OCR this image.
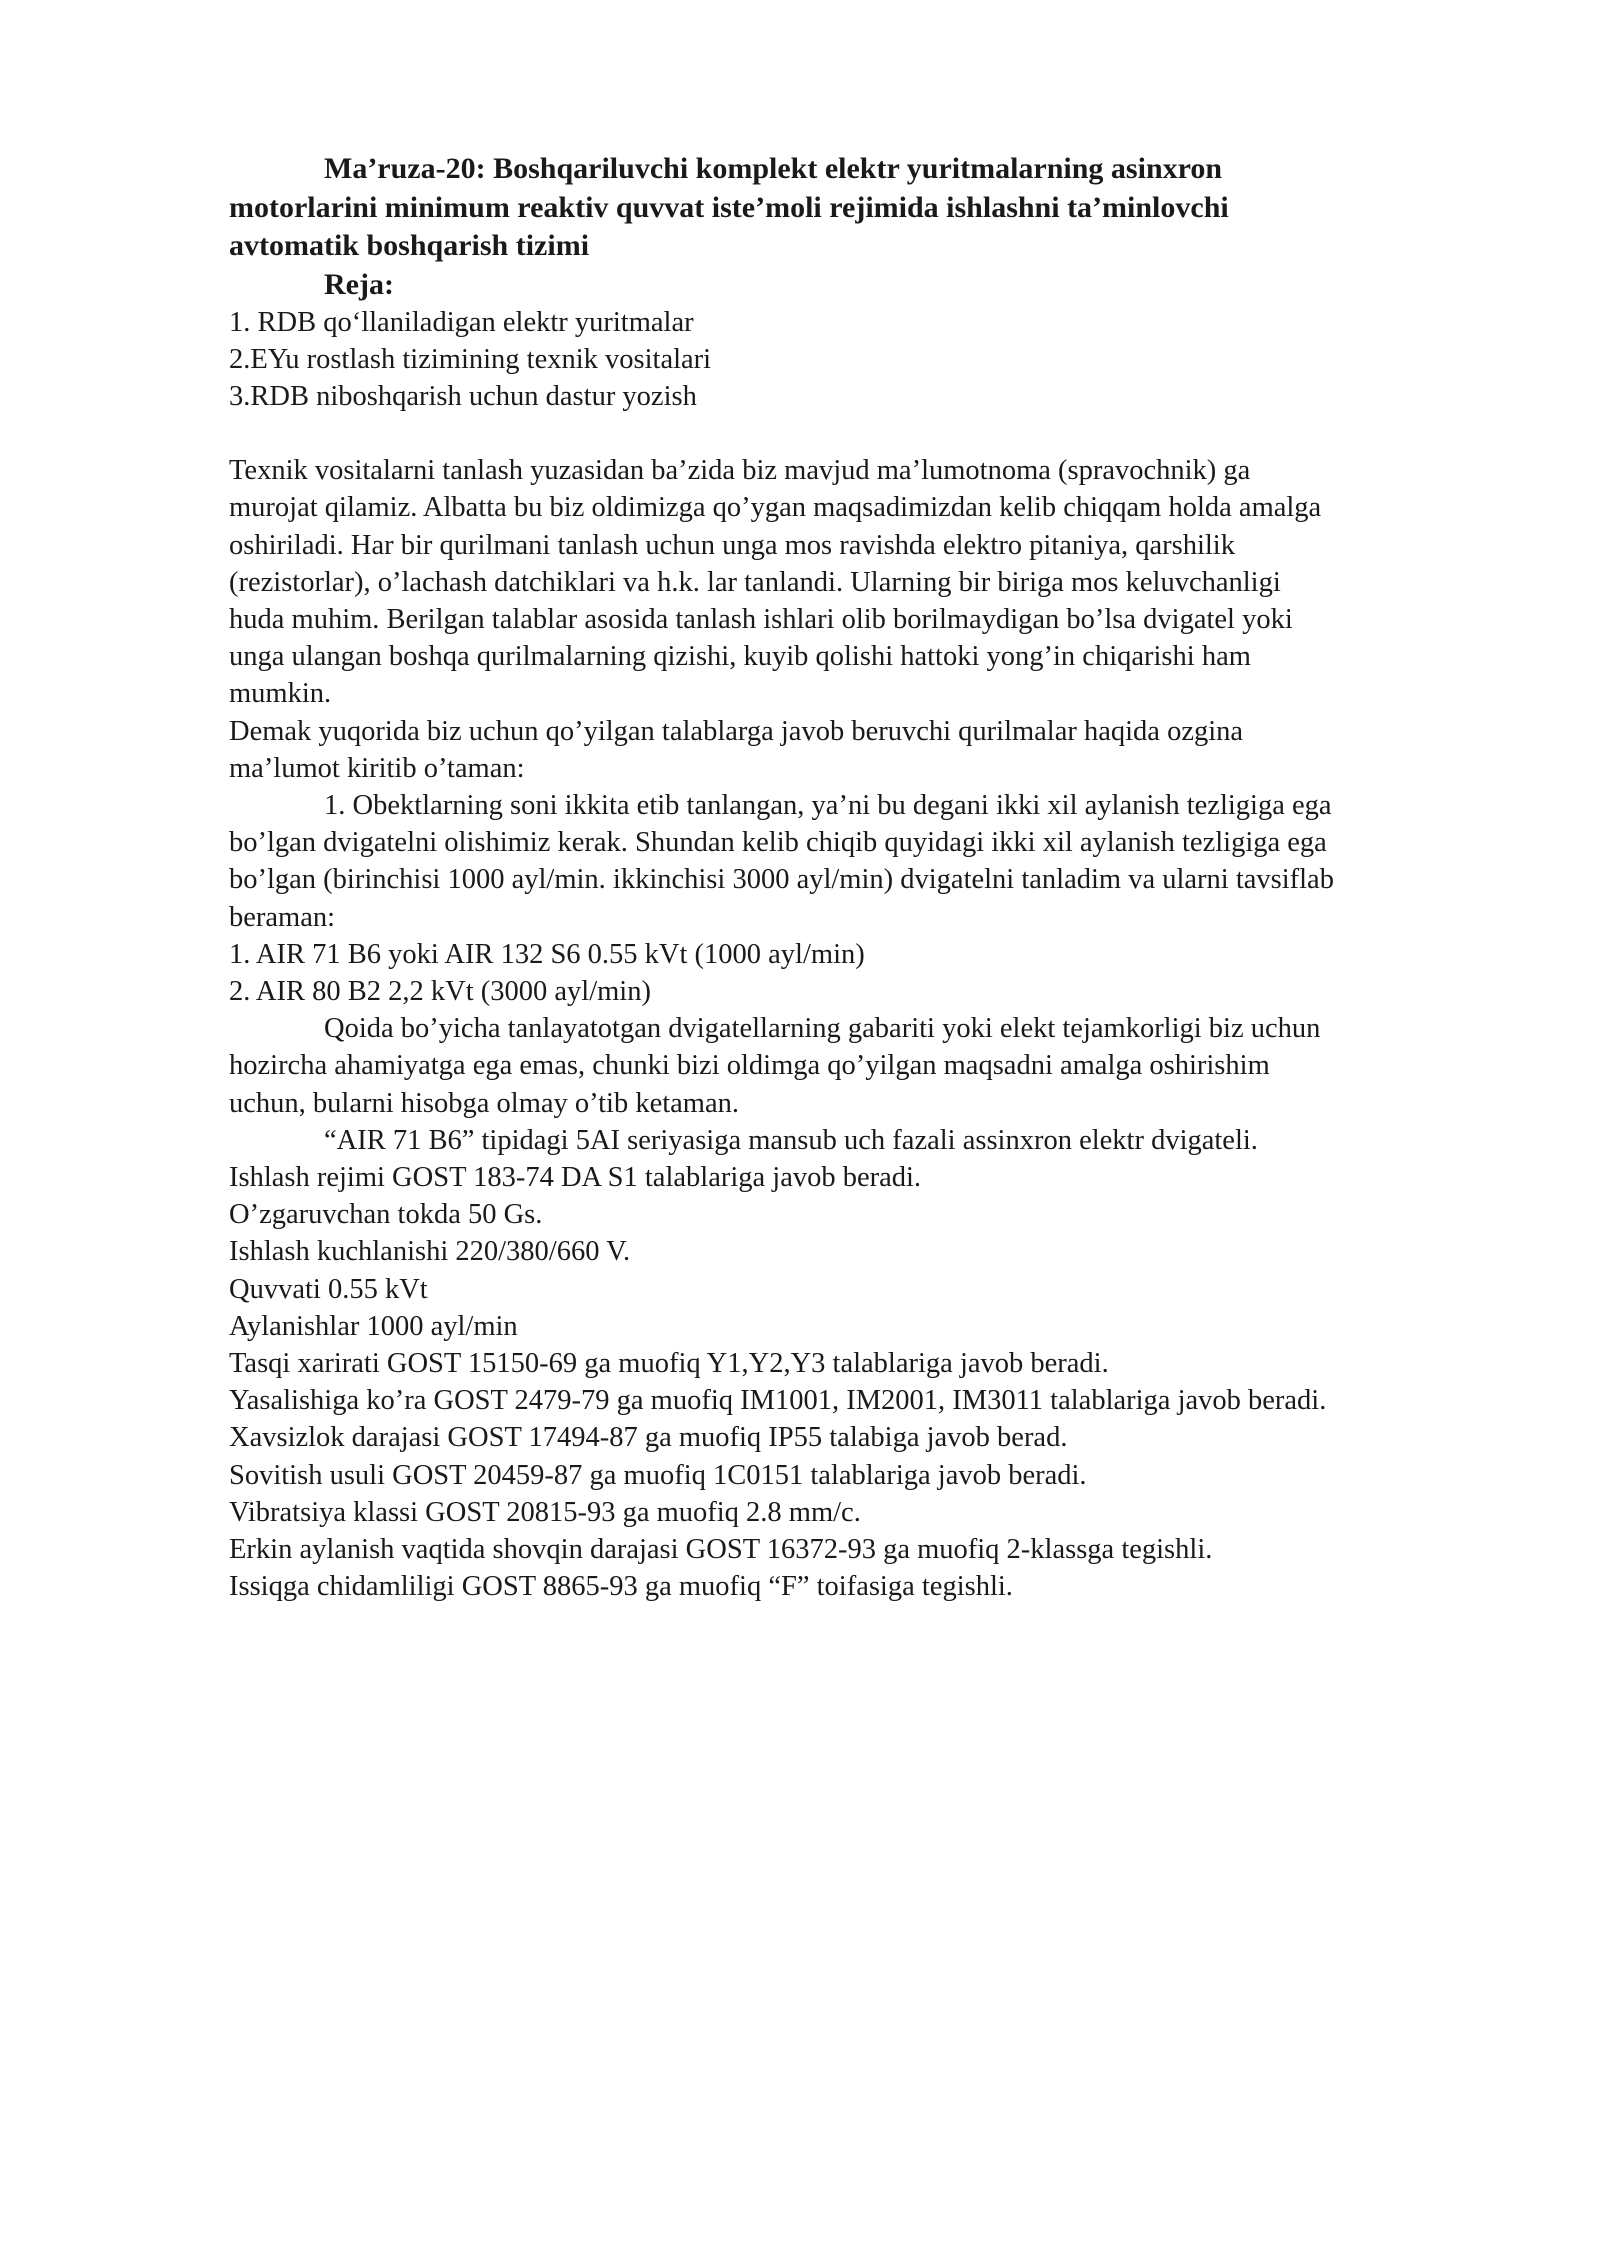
Ma’ruza-20: Boshqariluvchi komplekt elektr yuritmalarning asinxron
motorlarini minimum reaktiv quvvat iste’moli rejimida ishlashni ta’minlovchi
avtomatik boshqarish tizimi
Reja:
1. RDB qo‘llaniladigan elektr yuritmalar
2.EYu rostlash tizimining texnik vositalari
3.RDB niboshqarish uchun dastur yozish
Texnik vositalarni tanlash yuzasidan ba’zida biz mavjud ma’lumotnoma (spravochnik) ga
murojat qilamiz. Albatta bu biz oldimizga qo’ygan maqsadimizdan kelib chiqqam holda amalga
oshiriladi. Har bir qurilmani tanlash uchun unga mos ravishda elektro pitaniya, qarshilik
(rezistorlar), o’lachash datchiklari va h.k. lar tanlandi. Ularning bir biriga mos keluvchanligi
huda muhim. Berilgan talablar asosida tanlash ishlari olib borilmaydigan bo’lsa dvigatel yoki
unga ulangan boshqa qurilmalarning qizishi, kuyib qolishi hattoki yong’in chiqarishi ham
mumkin.
Demak yuqorida biz uchun qo’yilgan talablarga javob beruvchi qurilmalar haqida ozgina
ma’lumot kiritib o’taman:
1. Obektlarning soni ikkita etib tanlangan, ya’ni bu degani ikki xil aylanish tezligiga ega
bo’lgan dvigatelni olishimiz kerak. Shundan kelib chiqib quyidagi ikki xil aylanish tezligiga ega
bo’lgan (birinchisi 1000 ayl/min. ikkinchisi 3000 ayl/min) dvigatelni tanladim va ularni tavsiflab
beraman:
1. AIR 71 B6 yoki AIR 132 S6 0.55 kVt (1000 ayl/min)
2. AIR 80 B2 2,2 kVt (3000 ayl/min)
Qoida bo’yicha tanlayatotgan dvigatellarning gabariti yoki elekt tejamkorligi biz uchun
hozircha ahamiyatga ega emas, chunki bizi oldimga qo’yilgan maqsadni amalga oshirishim
uchun, bularni hisobga olmay o’tib ketaman.
“AIR 71 B6” tipidagi 5AI seriyasiga mansub uch fazali assinxron elektr dvigateli.
Ishlash rejimi GOST 183-74 DA S1 talablariga javob beradi.
O’zgaruvchan tokda 50 Gs.
Ishlash kuchlanishi 220/380/660 V.
Quvvati 0.55 kVt
Aylanishlar 1000 ayl/min
Tasqi xarirati GOST 15150-69 ga muofiq Y1,Y2,Y3 talablariga javob beradi.
Yasalishiga ko’ra GOST 2479-79 ga muofiq IM1001, IM2001, IM3011 talablariga javob beradi.
Xavsizlok darajasi GOST 17494-87 ga muofiq IP55 talabiga javob berad.
Sovitish usuli GOST 20459-87 ga muofiq 1C0151 talablariga javob beradi.
Vibratsiya klassi GOST 20815-93 ga muofiq 2.8 mm/c.
Erkin aylanish vaqtida shovqin darajasi GOST 16372-93 ga muofiq 2-klassga tegishli.
Issiqga chidamliligi GOST 8865-93 ga muofiq “F” toifasiga tegishli.
